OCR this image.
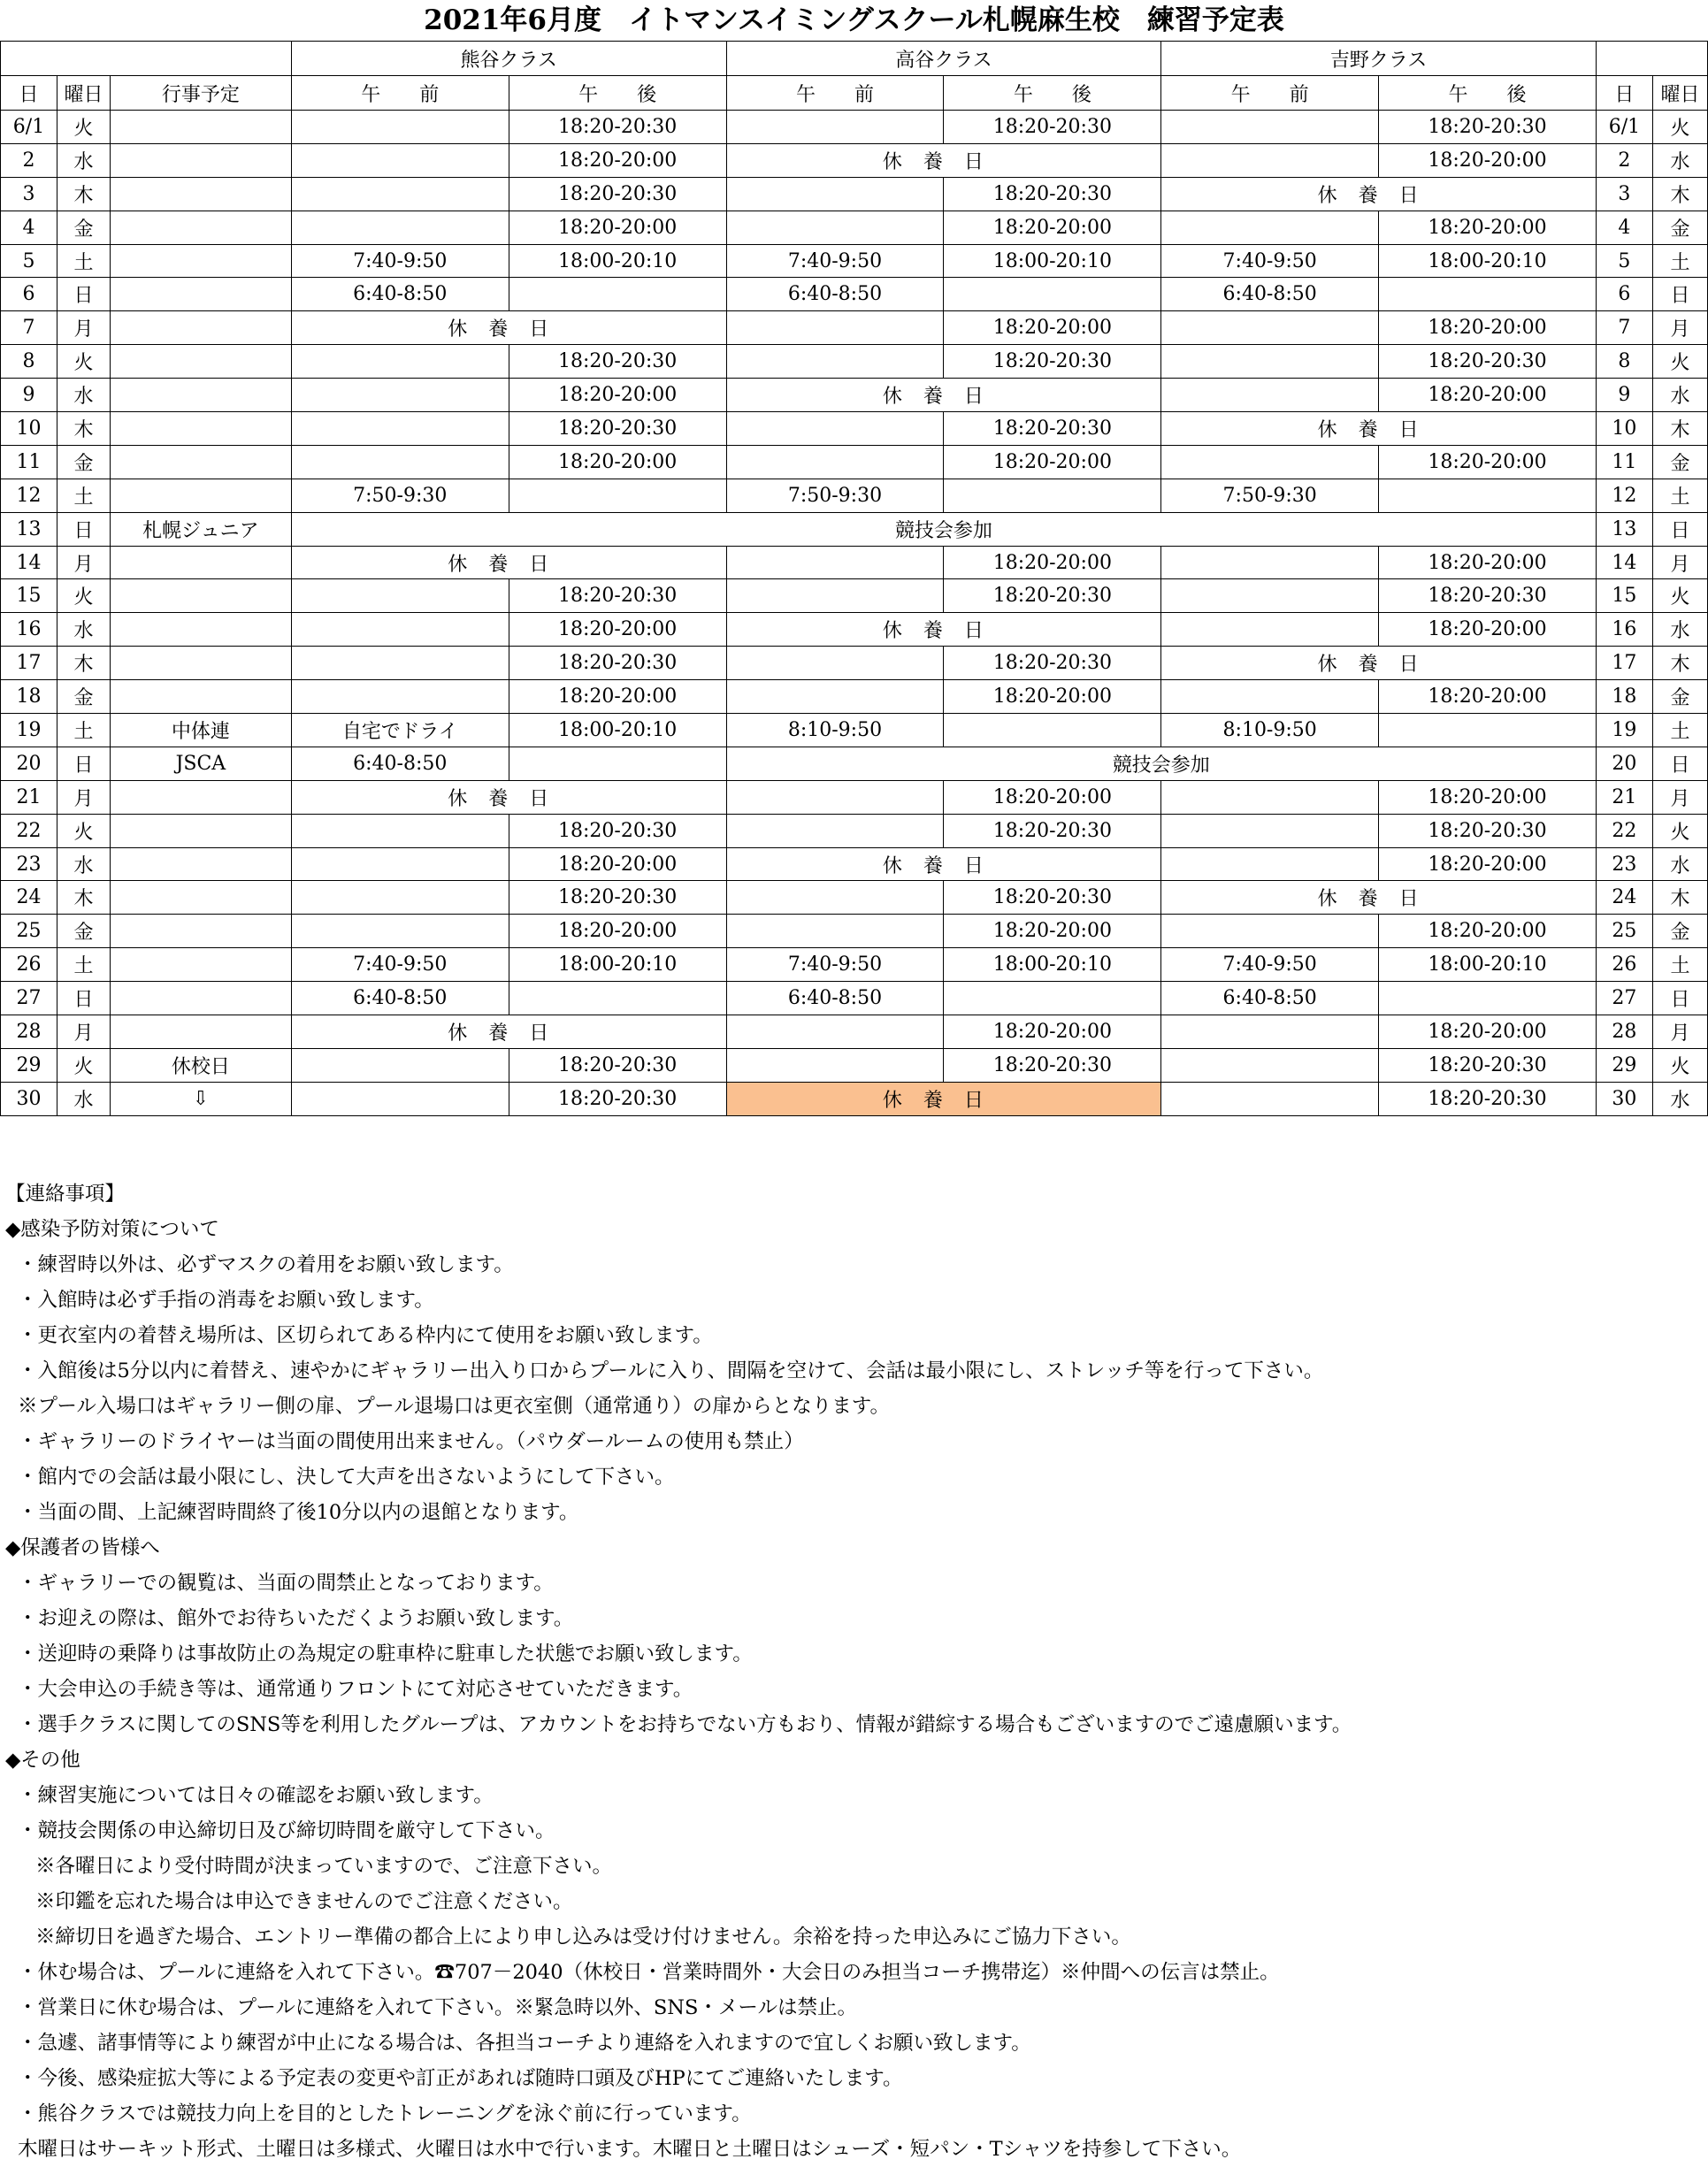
2021年6月度　イトマンスイミングスクール札幌麻生校　練習予定表
			熊谷クラス		高谷クラス		吉野クラス			
日	曜日	行事予定	午　　前	午　　後	午　　前	午　　後	午　　前	午　　後	日	曜日
6/1	火			18:20-20:30		18:20-20:30		18:20-20:30	6/1	火
2	水			18:20-20:00	休養日			18:20-20:00	2	水
3	木			18:20-20:30		18:20-20:30	休養日		3	木
4	金			18:20-20:00		18:20-20:00		18:20-20:00	4	金
5	土		7:40-9:50	18:00-20:10	7:40-9:50	18:00-20:10	7:40-9:50	18:00-20:10	5	土
6	日		6:40-8:50		6:40-8:50		6:40-8:50		6	日
7	月		休養日			18:20-20:00		18:20-20:00	7	月
8	火			18:20-20:30		18:20-20:30		18:20-20:30	8	火
9	水			18:20-20:00	休養日			18:20-20:00	9	水
10	木			18:20-20:30		18:20-20:30	休養日		10	木
11	金			18:20-20:00		18:20-20:00		18:20-20:00	11	金
12	土		7:50-9:30		7:50-9:30		7:50-9:30		12	土
13	日	札幌ジュニア	競技会参加						13	日
14	月		休養日			18:20-20:00		18:20-20:00	14	月
15	火			18:20-20:30		18:20-20:30		18:20-20:30	15	火
16	水			18:20-20:00	休養日			18:20-20:00	16	水
17	木			18:20-20:30		18:20-20:30	休養日		17	木
18	金			18:20-20:00		18:20-20:00		18:20-20:00	18	金
19	土	中体連	自宅でドライ	18:00-20:10	8:10-9:50		8:10-9:50		19	土
20	日	JSCA	6:40-8:50		競技会参加				20	日
21	月		休養日			18:20-20:00		18:20-20:00	21	月
22	火			18:20-20:30		18:20-20:30		18:20-20:30	22	火
23	水			18:20-20:00	休養日			18:20-20:00	23	水
24	木			18:20-20:30		18:20-20:30	休養日		24	木
25	金			18:20-20:00		18:20-20:00		18:20-20:00	25	金
26	土		7:40-9:50	18:00-20:10	7:40-9:50	18:00-20:10	7:40-9:50	18:00-20:10	26	土
27	日		6:40-8:50		6:40-8:50		6:40-8:50		27	日
28	月		休養日			18:20-20:00		18:20-20:00	28	月
29	火	休校日		18:20-20:30		18:20-20:30		18:20-20:30	29	火
30	水	⇩		18:20-20:30	休養日			18:20-20:30	30	水
【連絡事項】
◆感染予防対策について
・練習時以外は、必ずマスクの着用をお願い致します。
・入館時は必ず手指の消毒をお願い致します。
・更衣室内の着替え場所は、区切られてある枠内にて使用をお願い致します。
・入館後は5分以内に着替え、速やかにギャラリー出入り口からプールに入り、間隔を空けて、会話は最小限にし、ストレッチ等を行って下さい。
※プール入場口はギャラリー側の扉、プール退場口は更衣室側（通常通り）の扉からとなります。
・ギャラリーのドライヤーは当面の間使用出来ません。（パウダールームの使用も禁止）
・館内での会話は最小限にし、決して大声を出さないようにして下さい。
・当面の間、上記練習時間終了後10分以内の退館となります。
◆保護者の皆様へ
・ギャラリーでの観覧は、当面の間禁止となっております。
・お迎えの際は、館外でお待ちいただくようお願い致します。
・送迎時の乗降りは事故防止の為規定の駐車枠に駐車した状態でお願い致します。
・大会申込の手続き等は、通常通りフロントにて対応させていただきます。
・選手クラスに関してのSNS等を利用したグループは、アカウントをお持ちでない方もおり、情報が錯綜する場合もございますのでご遠慮願います。
◆その他
・練習実施については日々の確認をお願い致します。
・競技会関係の申込締切日及び締切時間を厳守して下さい。
※各曜日により受付時間が決まっていますので、ご注意下さい。
※印鑑を忘れた場合は申込できませんのでご注意ください。
※締切日を過ぎた場合、エントリー準備の都合上により申し込みは受け付けません。余裕を持った申込みにご協力下さい。
・休む場合は、プールに連絡を入れて下さい。☎707－2040（休校日・営業時間外・大会日のみ担当コーチ携帯迄）※仲間への伝言は禁止。
・営業日に休む場合は、プールに連絡を入れて下さい。※緊急時以外、SNS・メールは禁止。
・急遽、諸事情等により練習が中止になる場合は、各担当コーチより連絡を入れますので宜しくお願い致します。
・今後、感染症拡大等による予定表の変更や訂正があれば随時口頭及びHPにてご連絡いたします。
・熊谷クラスでは競技力向上を目的としたトレーニングを泳ぐ前に行っています。
木曜日はサーキット形式、土曜日は多様式、火曜日は水中で行います。木曜日と土曜日はシューズ・短パン・Tシャツを持参して下さい。
